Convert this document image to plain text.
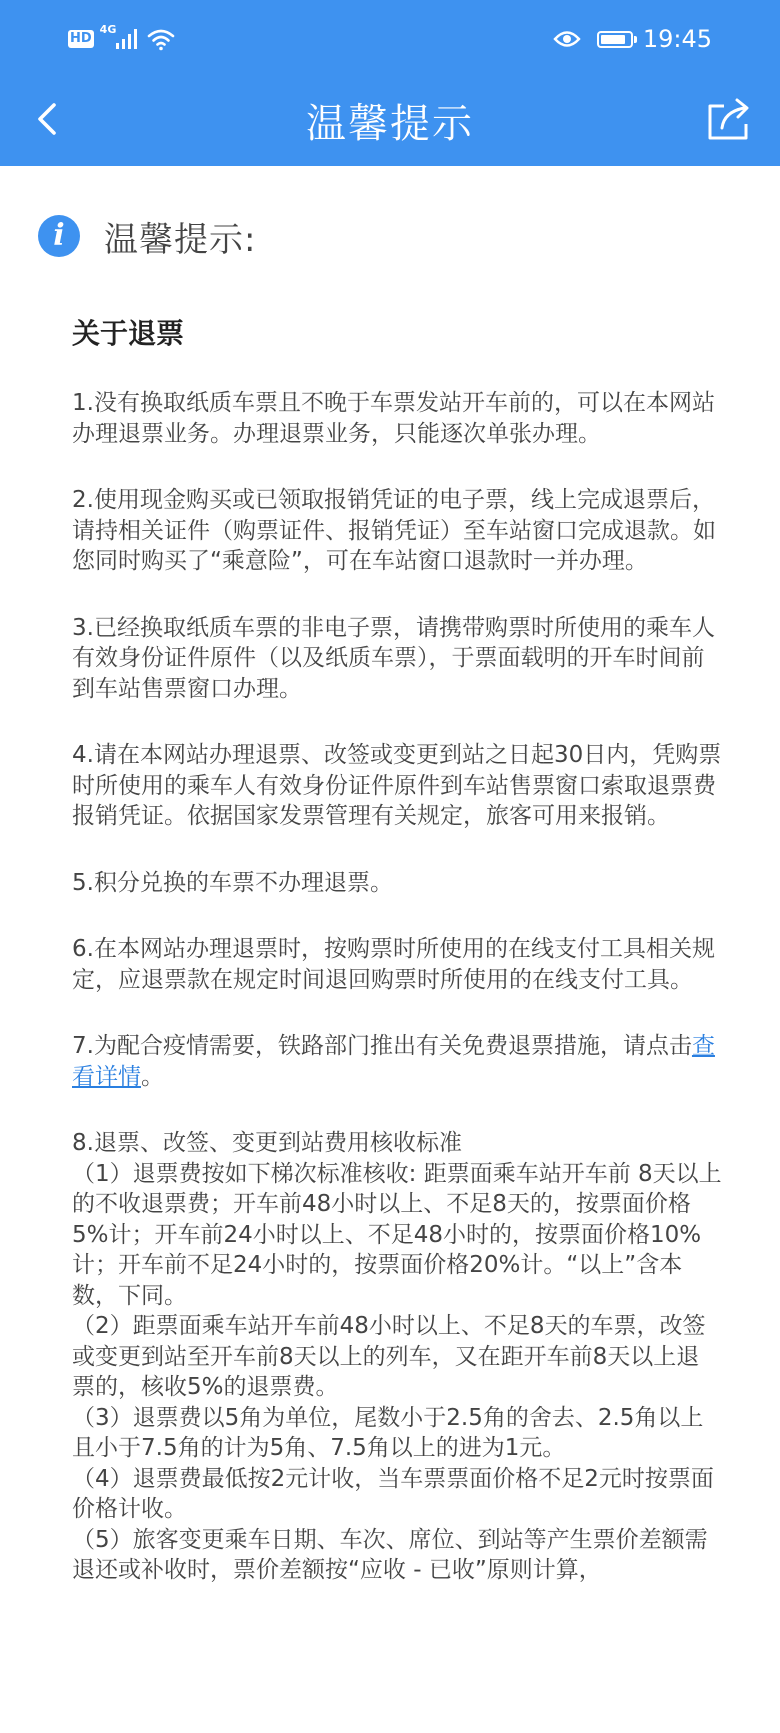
HD
4G	19:45
温馨提示
i	温馨提示:
关于退票

1.没有换取纸质车票且不晚于车票发站开车前的，可以在本网站办理退票业务。办理退票业务，只能逐次单张办理。

2.使用现金购买或已领取报销凭证的电子票，线上完成退票后，请持相关证件（购票证件、报销凭证）至车站窗口完成退款。如您同时购买了“乘意险”，可在车站窗口退款时一并办理。

3.已经换取纸质车票的非电子票，请携带购票时所使用的乘车人有效身份证件原件（以及纸质车票），于票面载明的开车时间前到车站售票窗口办理。

4.请在本网站办理退票、改签或变更到站之日起30日内，凭购票时所使用的乘车人有效身份证件原件到车站售票窗口索取退票费报销凭证。依据国家发票管理有关规定，旅客可用来报销。

5.积分兑换的车票不办理退票。

6.在本网站办理退票时，按购票时所使用的在线支付工具相关规定，应退票款在规定时间退回购票时所使用的在线支付工具。

7.为配合疫情需要，铁路部门推出有关免费退票措施，请点击查看详情。

8.退票、改签、变更到站费用核收标准

（1）退票费按如下梯次标准核收: 距票面乘车站开车前 8天以上的不收退票费；开车前48小时以上、不足8天的，按票面价格5%计；开车前24小时以上、不足48小时的，按票面价格10%计；开车前不足24小时的，按票面价格20%计。“以上”含本数，下同。

（2）距票面乘车站开车前48小时以上、不足8天的车票，改签或变更到站至开车前8天以上的列车，又在距开车前8天以上退票的，核收5%的退票费。

（3）退票费以5角为单位，尾数小于2.5角的舍去、2.5角以上且小于7.5角的计为5角、7.5角以上的进为1元。

（4）退票费最低按2元计收，当车票票面价格不足2元时按票面价格计收。

（5）旅客变更乘车日期、车次、席位、到站等产生票价差额需退还或补收时，票价差额按“应收 - 已收”原则计算，
